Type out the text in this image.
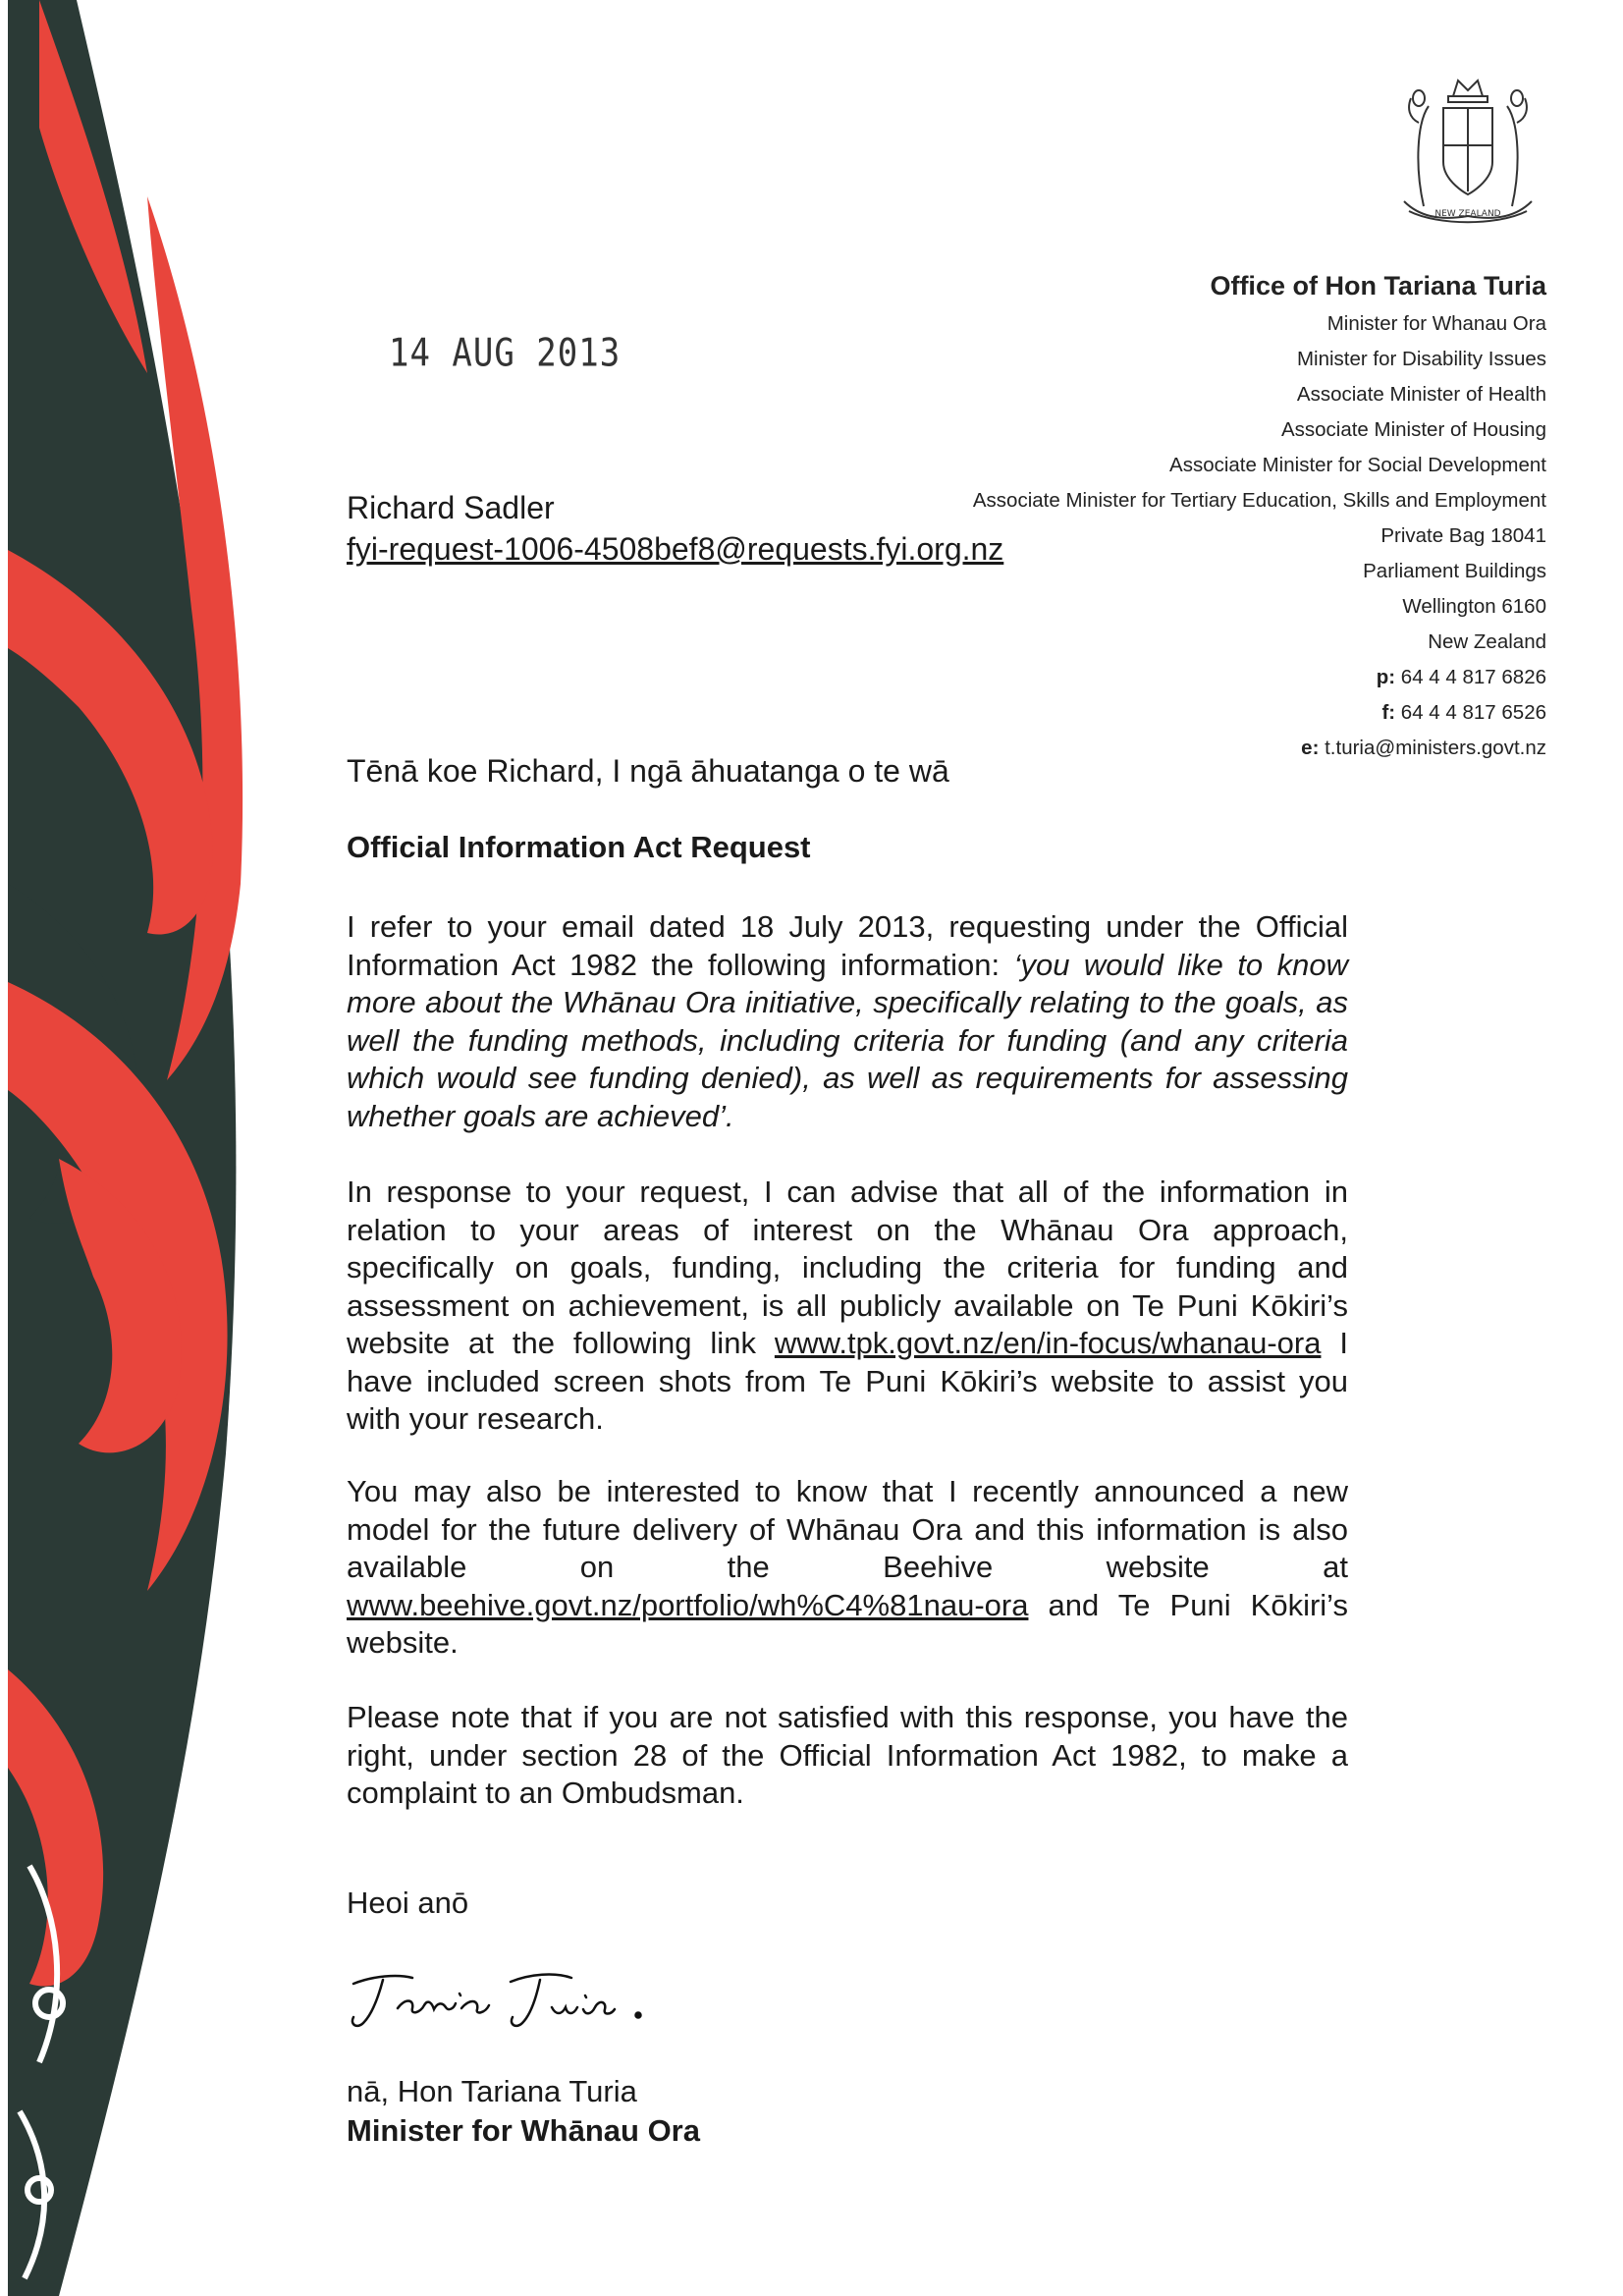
NEW ZEALAND
Office of Hon Tariana Turia
Minister for Whanau Ora
Minister for Disability Issues
Associate Minister of Health
Associate Minister of Housing
Associate Minister for Social Development
Associate Minister for Tertiary Education, Skills and Employment
Private Bag 18041
Parliament Buildings
Wellington 6160
New Zealand
p: 64 4 4 817 6826
f: 64 4 4 817 6526
e: t.turia@ministers.govt.nz
14 AUG 2013
Richard Sadler
fyi-request-1006-4508bef8@requests.fyi.org.nz
Tēnā koe Richard, I ngā āhuatanga o te wā
Official Information Act Request
I refer to your email dated 18 July 2013, requesting under the Official Information Act 1982 the following information: ‘you would like to know more about the Whānau Ora initiative, specifically relating to the goals, as well the funding methods, including criteria for funding (and any criteria which would see funding denied), as well as requirements for assessing whether goals are achieved’.
In response to your request, I can advise that all of the information in relation to your areas of interest on the Whānau Ora approach, specifically on goals, funding, including the criteria for funding and assessment on achievement, is all publicly available on Te Puni Kōkiri’s website at the following link www.tpk.govt.nz/en/in-focus/whanau-ora I have included screen shots from Te Puni Kōkiri’s website to assist you with your research.
You may also be interested to know that I recently announced a new model for the future delivery of Whānau Ora and this information is also available on the Beehive website at www.beehive.govt.nz/portfolio/wh%C4%81nau-ora and Te Puni Kōkiri’s website.
Please note that if you are not satisfied with this response, you have the right, under section 28 of the Official Information Act 1982, to make a complaint to an Ombudsman.
Heoi anō
Tariana Turia.
nā, Hon Tariana Turia
Minister for Whānau Ora
